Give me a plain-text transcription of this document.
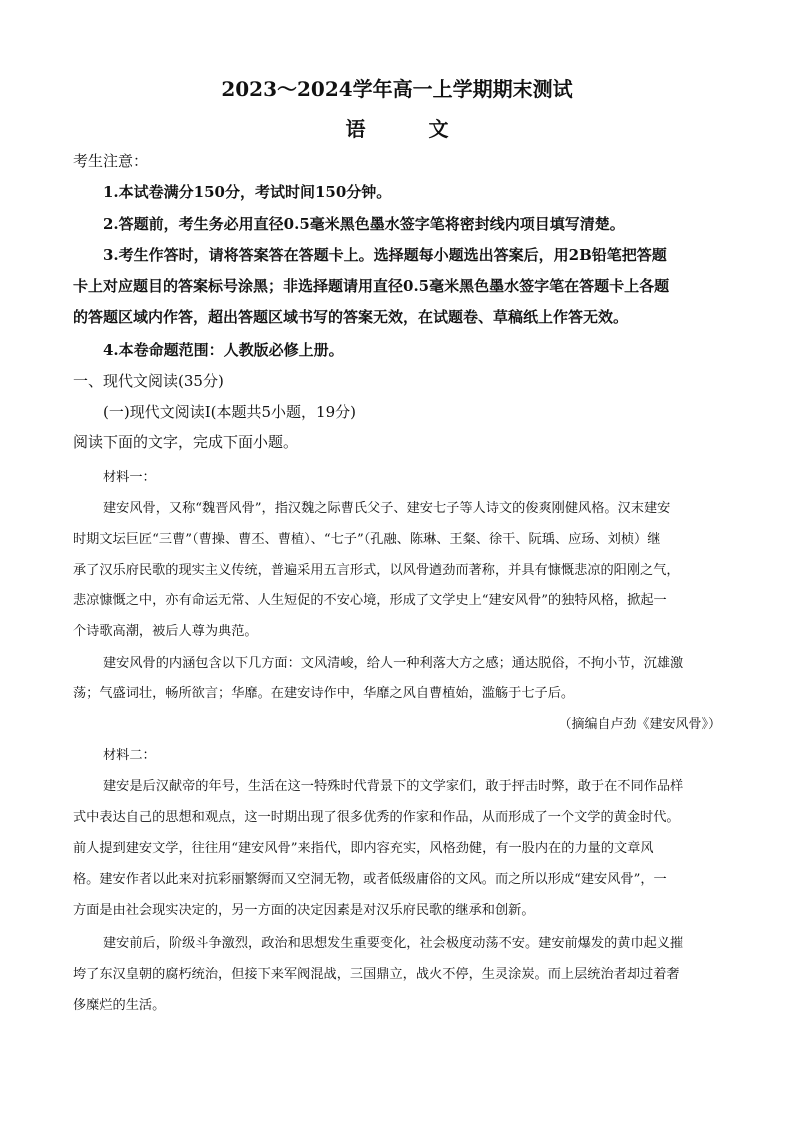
2023～2024学年高一上学期期末测试
语 文
考生注意：
1.本试卷满分150分，考试时间150分钟。
2.答题前，考生务必用直径0.5毫米黑色墨水签字笔将密封线内项目填写清楚。
3.考生作答时，请将答案答在答题卡上。选择题每小题选出答案后，用2B铅笔把答题
卡上对应题目的答案标号涂黑；非选择题请用直径0.5毫米黑色墨水签字笔在答题卡上各题
的答题区域内作答，超出答题区域书写的答案无效，在试题卷、草稿纸上作答无效。
4.本卷命题范围：人教版必修上册。
一、现代文阅读(35分)
(一)现代文阅读Ⅰ(本题共5小题，19分)
阅读下面的文字，完成下面小题。
材料一：
建安风骨，又称“魏晋风骨”，指汉魏之际曹氏父子、建安七子等人诗文的俊爽刚健风格。汉末建安
时期文坛巨匠“三曹”（曹操、曹丕、曹植）、“七子”（孔融、陈琳、王粲、徐干、阮瑀、应玚、刘桢）继
承了汉乐府民歌的现实主义传统，普遍采用五言形式，以风骨遒劲而著称，并具有慷慨悲凉的阳刚之气，
悲凉慷慨之中，亦有命运无常、人生短促的不安心境，形成了文学史上“建安风骨”的独特风格，掀起一
个诗歌高潮，被后人尊为典范。
建安风骨的内涵包含以下几方面：文风清峻，给人一种利落大方之感；通达脱俗，不拘小节，沉雄激
荡；气盛词壮，畅所欲言；华靡。在建安诗作中，华靡之风自曹植始，滥觞于七子后。
（摘编自卢劲《建安风骨》）
材料二：
建安是后汉献帝的年号，生活在这一特殊时代背景下的文学家们，敢于抨击时弊，敢于在不同作品样
式中表达自己的思想和观点，这一时期出现了很多优秀的作家和作品，从而形成了一个文学的黄金时代。
前人提到建安文学，往往用“建安风骨”来指代，即内容充实，风格劲健，有一股内在的力量的文章风
格。建安作者以此来对抗彩丽繁缛而又空洞无物，或者低级庸俗的文风。而之所以形成“建安风骨”，一
方面是由社会现实决定的，另一方面的决定因素是对汉乐府民歌的继承和创新。
建安前后，阶级斗争激烈，政治和思想发生重要变化，社会极度动荡不安。建安前爆发的黄巾起义摧
垮了东汉皇朝的腐朽统治，但接下来军阀混战，三国鼎立，战火不停，生灵涂炭。而上层统治者却过着奢
侈糜烂的生活。
